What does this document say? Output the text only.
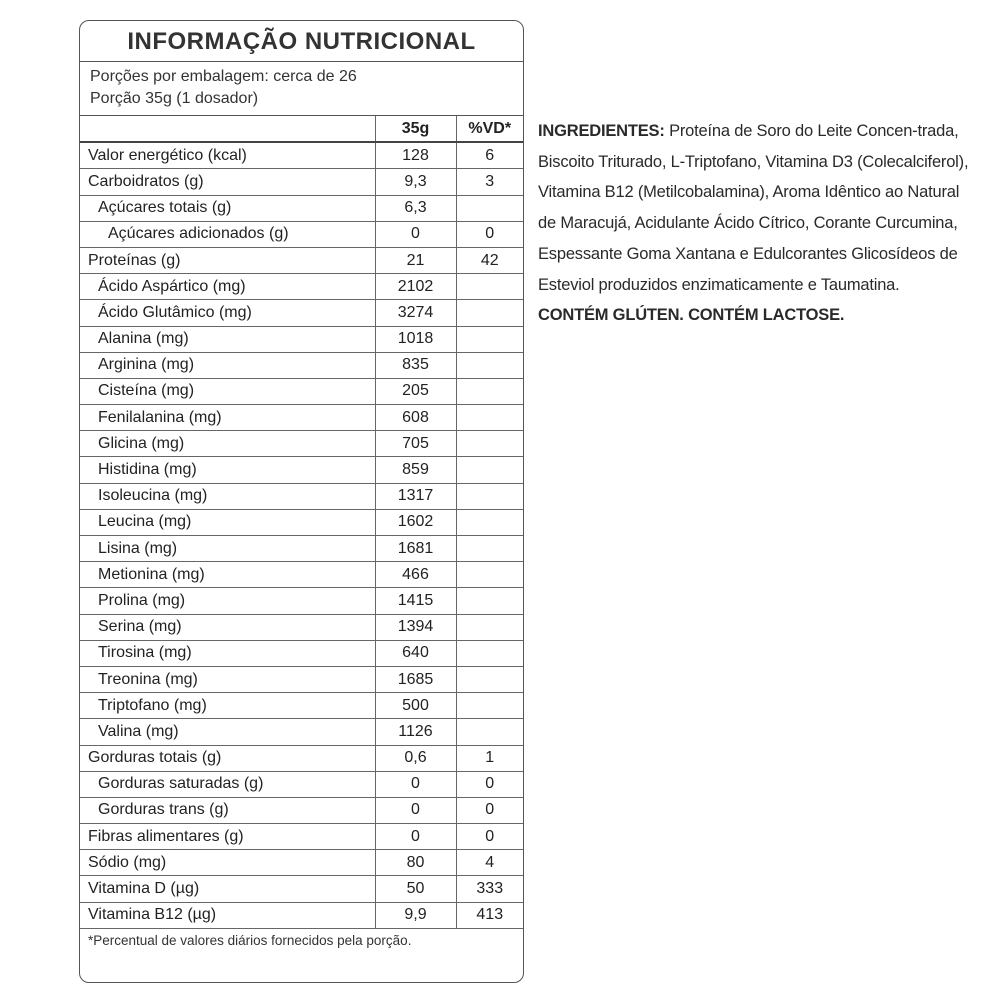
INFORMAÇÃO NUTRICIONAL
Porções por embalagem: cerca de 26
Porção 35g (1 dosador)
	35g	%VD*
Valor energético (kcal)	128	6
Carboidratos (g)	9,3	3
Açúcares totais (g)	6,3	
Açúcares adicionados (g)	0	0
Proteínas (g)	21	42
Ácido Aspártico (mg)	2102	
Ácido Glutâmico (mg)	3274	
Alanina (mg)	1018	
Arginina (mg)	835	
Cisteína (mg)	205	
Fenilalanina (mg)	608	
Glicina (mg)	705	
Histidina (mg)	859	
Isoleucina (mg)	1317	
Leucina (mg)	1602	
Lisina (mg)	1681	
Metionina (mg)	466	
Prolina (mg)	1415	
Serina (mg)	1394	
Tirosina (mg)	640	
Treonina (mg)	1685	
Triptofano (mg)	500	
Valina (mg)	1126	
Gorduras totais (g)	0,6	1
Gorduras saturadas (g)	0	0
Gorduras trans (g)	0	0
Fibras alimentares (g)	0	0
Sódio (mg)	80	4
Vitamina D (µg)	50	333
Vitamina B12 (µg)	9,9	413
*Percentual de valores diários fornecidos pela porção.
INGREDIENTES: Proteína de Soro do Leite Concen-trada, Biscoito Triturado, L-Triptofano, Vitamina D3 (Colecalciferol), Vitamina B12 (Metilcobalamina), Aroma Idêntico ao Natural de Maracujá, Acidulante Ácido Cítrico, Corante Curcumina, Espessante Goma Xantana e Edulcorantes Glicosídeos de Esteviol produzidos enzimaticamente e Taumatina.
CONTÉM GLÚTEN. CONTÉM LACTOSE.
